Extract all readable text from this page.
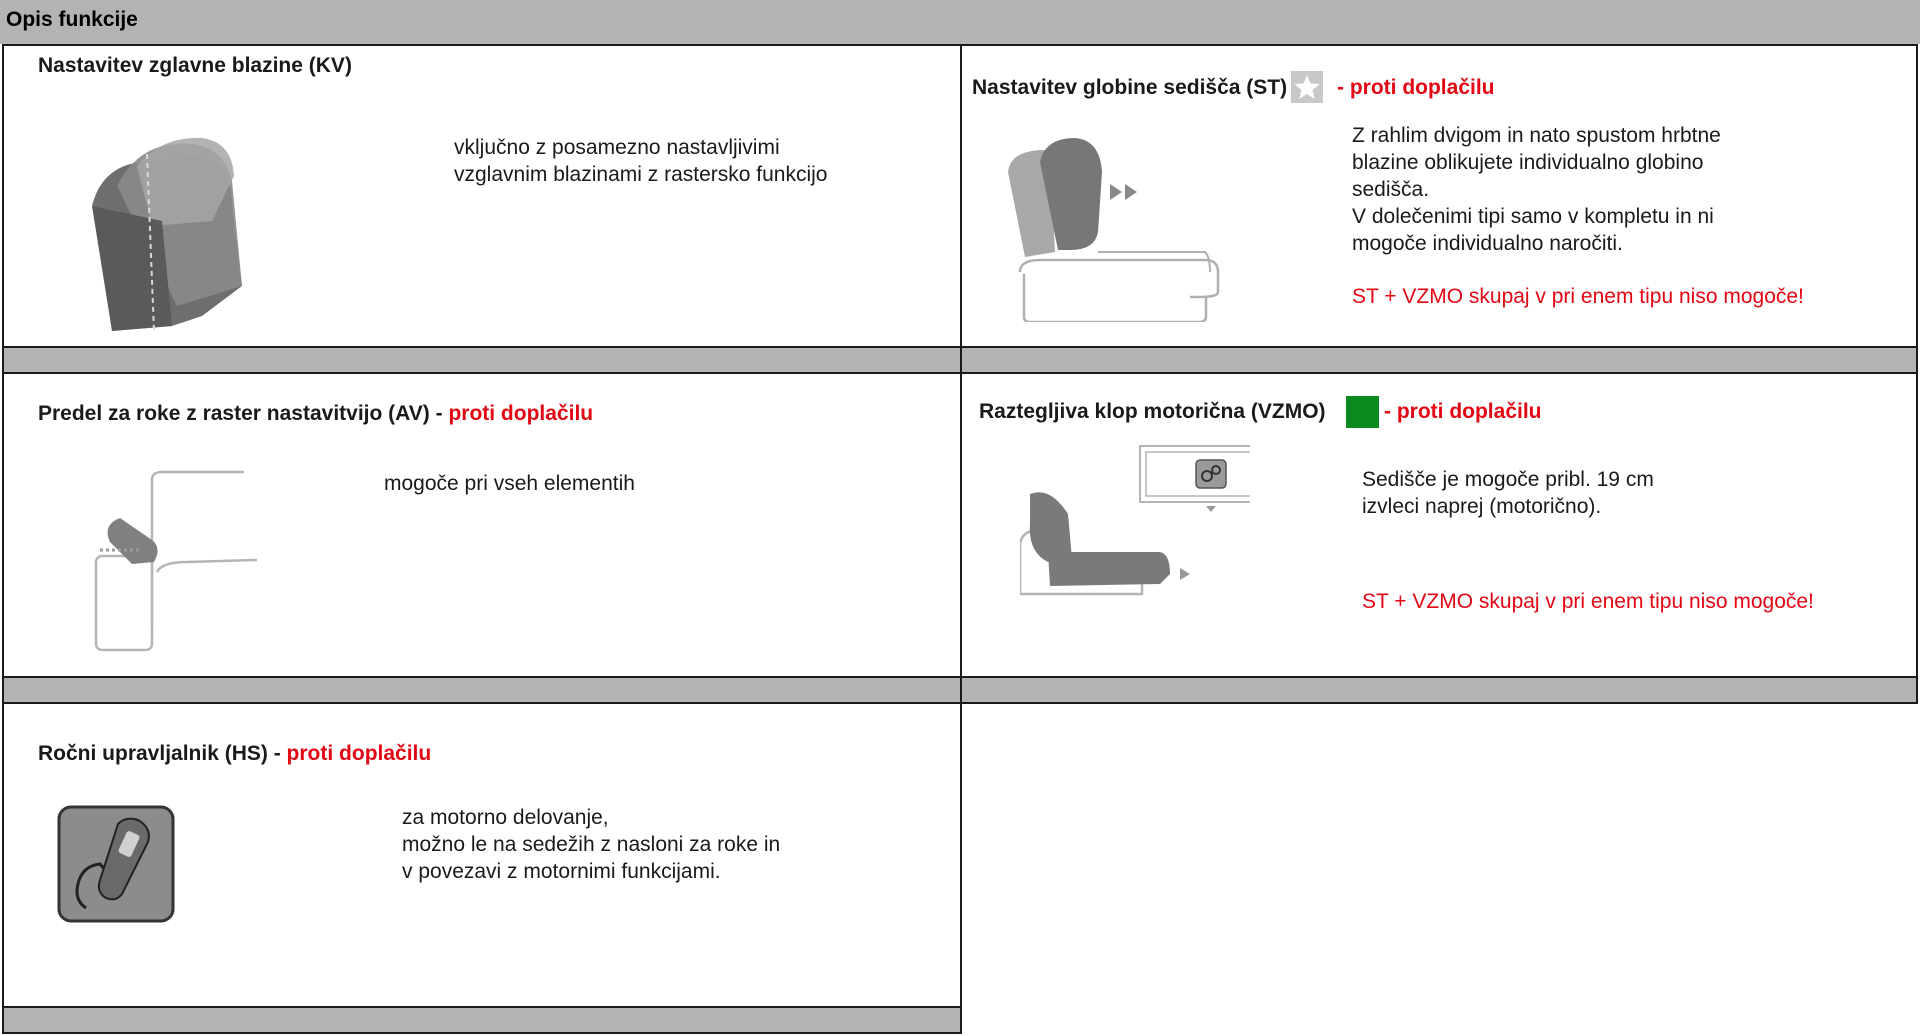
Opis funkcije
Nastavitev zglavne blazine (KV)
vključno z posamezno nastavljivimi
vzglavnim blazinami z rastersko funkcijo
Nastavitev globine sedišča (ST) - proti doplačilu
Z rahlim dvigom in nato spustom hrbtne
blazine oblikujete individualno globino
sedišča.
V dolečenimi tipi samo v kompletu in ni
mogoče individualno naročiti.
ST + VZMO skupaj v pri enem tipu niso mogoče!
Predel za roke z raster nastavitvijo (AV) - proti doplačilu
mogoče pri vseh elementih
Raztegljiva klop motorična (VZMO)	- proti doplačilu
Sedišče je mogoče pribl. 19 cm
izvleci naprej (motorično).
ST + VZMO skupaj v pri enem tipu niso mogoče!
Ročni upravljalnik (HS) - proti doplačilu
za motorno delovanje,
možno le na sedežih z nasloni za roke in
v povezavi z motornimi funkcijami.
